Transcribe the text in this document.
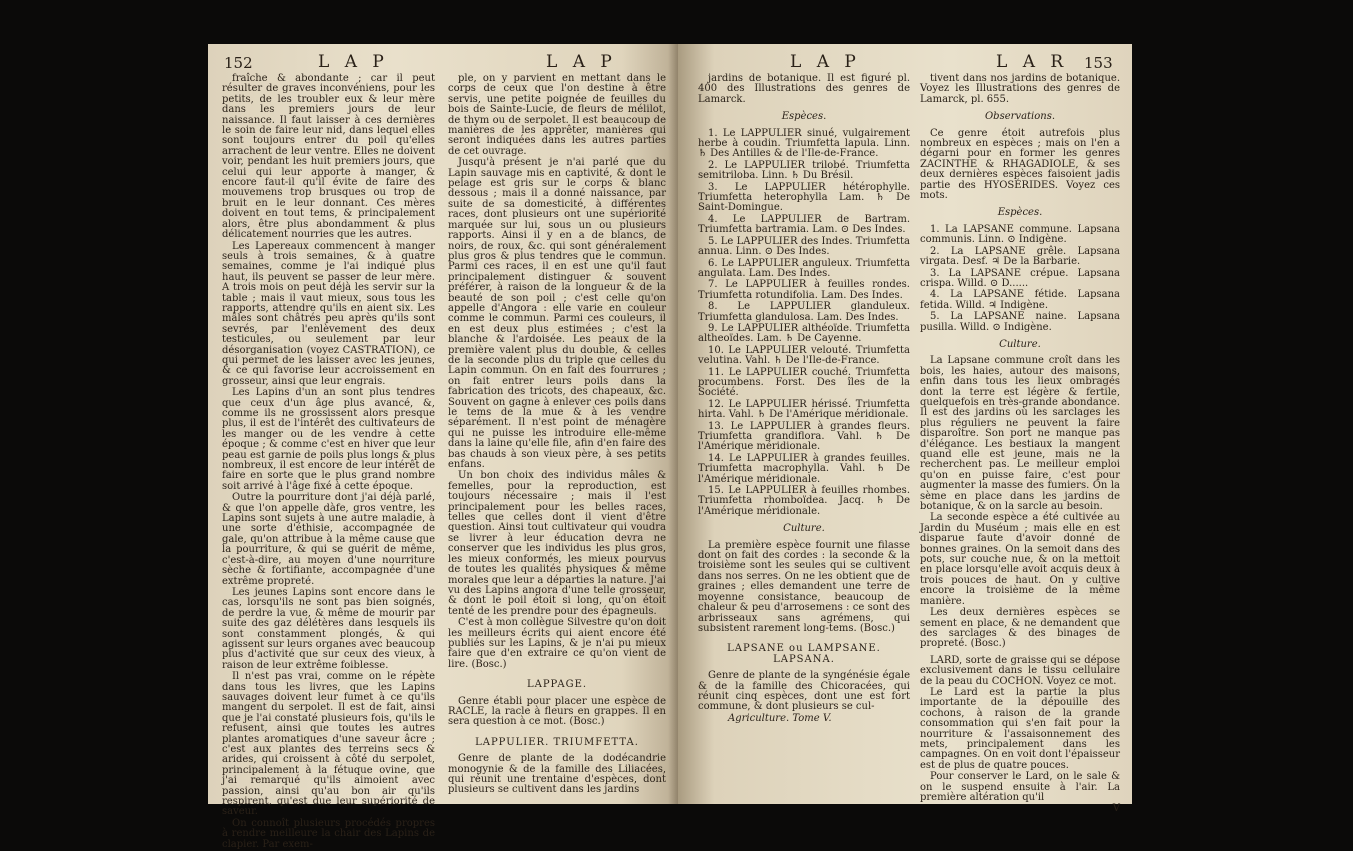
152	L A P	L A P

fraîche & abondante ; car il peut résulter de graves inconvéniens, pour les petits, de les troubler eux & leur mère dans les premiers jours de leur naissance. Il faut laisser à ces dernières le soin de faire leur nid, dans lequel elles sont toujours entrer du poil qu'elles arrachent de leur ventre. Elles ne doivent voir, pendant les huit premiers jours, que celui qui leur apporte à manger, & encore faut-il qu'il évite de faire des mouvemens trop brusques ou trop de bruit en le leur donnant. Ces mères doivent en tout tems, & principalement alors, être plus abondamment & plus délicatement nourries que les autres.

Les Lapereaux commencent à manger seuls à trois semaines, & à quatre semaines, comme je l'ai indiqué plus haut, ils peuvent se passer de leur mère. A trois mois on peut déjà les servir sur la table ; mais il vaut mieux, sous tous les rapports, attendre qu'ils en aient six. Les mâles sont châtrés peu après qu'ils sont sevrés, par l'enlèvement des deux testicules, ou seulement par leur désorganisation (voyez CASTRATION), ce qui permet de les laisser avec les jeunes, & ce qui favorise leur accroissement en grosseur, ainsi que leur engrais.

Les Lapins d'un an sont plus tendres que ceux d'un âge plus avancé, &, comme ils ne grossissent alors presque plus, il est de l'intérêt des cultivateurs de les manger ou de les vendre à cette époque ; & comme c'est en hiver que leur peau est garnie de poils plus longs & plus nombreux, il est encore de leur intérêt de faire en sorte que le plus grand nombre soit arrivé à l'âge fixé à cette époque.

Outre la pourriture dont j'ai déjà parlé, & que l'on appelle dàfe, gros ventre, les Lapins sont sujets à une autre maladie, à une sorte d'éthisie, accompagnée de gale, qu'on attribue à la même cause que la pourriture, & qui se guérit de même, c'est-à-dire, au moyen d'une nourriture sèche & fortifiante, accompagnée d'une extrême propreté.

Les jeunes Lapins sont encore dans le cas, lorsqu'ils ne sont pas bien soignés, de perdre la vue, & même de mourir par suite des gaz délétères dans lesquels ils sont constamment plongés, & qui agissent sur leurs organes avec beaucoup plus d'activité que sur ceux des vieux, à raison de leur extrême foiblesse.

Il n'est pas vrai, comme on le répète dans tous les livres, que les Lapins sauvages doivent leur fumet à ce qu'ils mangent du serpolet. Il est de fait, ainsi que je l'ai constaté plusieurs fois, qu'ils le refusent, ainsi que toutes les autres plantes aromatiques d'une saveur âcre ; c'est aux plantes des terreins secs & arides, qui croissent à côté du serpolet, principalement à la fétuque ovine, que j'ai remarqué qu'ils aimoient avec passion, ainsi qu'au bon air qu'ils respirent, qu'est due leur supériorité de saveur.

On connoît plusieurs procédés propres à rendre meilleure la chair des Lapins de clapier. Par exem-

ple, on y parvient en mettant dans le corps de ceux que l'on destine à être servis, une petite poignée de feuilles du bois de Sainte-Lucie, de fleurs de mélilot, de thym ou de serpolet. Il est beaucoup de manières de les apprêter, manières qui seront indiquées dans les autres parties de cet ouvrage.

Jusqu'à présent je n'ai parlé que du Lapin sauvage mis en captivité, & dont le pelage est gris sur le corps & blanc dessous ; mais il a donné naissance, par suite de sa domesticité, à différentes races, dont plusieurs ont une supériorité marquée sur lui, sous un ou plusieurs rapports. Ainsi il y en a de blancs, de noirs, de roux, &c. qui sont généralement plus gros & plus tendres que le commun. Parmi ces races, il en est une qu'il faut principalement distinguer & souvent préférer, à raison de la longueur & de la beauté de son poil ; c'est celle qu'on appelle d'Angora : elle varie en couleur comme le commun. Parmi ces couleurs, il en est deux plus estimées ; c'est la blanche & l'ardoisée. Les peaux de la première valent plus du double, & celles de la seconde plus du triple que celles du Lapin commun. On en fait des fourrures ; on fait entrer leurs poils dans la fabrication des tricots, des chapeaux, &c. Souvent on gagne à enlever ces poils dans le tems de la mue & à les vendre séparément. Il n'est point de ménagère qui ne puisse les introduire elle-même dans la laine qu'elle file, afin d'en faire des bas chauds à son vieux père, à ses petits enfans.

Un bon choix des individus mâles & femelles, pour la reproduction, est toujours nécessaire ; mais il l'est principalement pour les belles races, telles que celles dont il vient d'être question. Ainsi tout cultivateur qui voudra se livrer à leur éducation devra ne conserver que les individus les plus gros, les mieux conformés, les mieux pourvus de toutes les qualités physiques & même morales que leur a départies la nature. J'ai vu des Lapins angora d'une telle grosseur, & dont le poil étoit si long, qu'on étoit tenté de les prendre pour des épagneuls.

C'est à mon collègue Silvestre qu'on doit les meilleurs écrits qui aient encore été publiés sur les Lapins, & je n'ai pu mieux faire que d'en extraire ce qu'on vient de lire. (Bosc.)

LAPPAGE.

Genre établi pour placer une espèce de RACLE, la racle à fleurs en grappes. Il en sera question à ce mot. (Bosc.)

LAPPULIER. TRIUMFETTA.

Genre de plante de la dodécandrie monogynie & de la famille des Liliacées, qui réunit une trentaine d'espèces, dont plusieurs se cultivent dans les jardins

L A P	L A R 153

jardins de botanique. Il est figuré pl. 400 des Illustrations des genres de Lamarck.

Espèces.

1. Le LAPPULIER sinué, vulgairement herbe à coudin. Triumfetta lapula. Linn. ♄ Des Antilles & de l'Ile-de-France.

2. Le LAPPULIER trilobé. Triumfetta semitriloba. Linn. ♄ Du Brésil.

3. Le LAPPULIER hétérophylle. Triumfetta heterophylla Lam. ♄ De Saint-Domingue.

4. Le LAPPULIER de Bartram. Triumfetta bartramia. Lam. ⊙ Des Indes.

5. Le LAPPULIER des Indes. Triumfetta annua. Linn. ⊙ Des Indes.

6. Le LAPPULIER anguleux. Triumfetta angulata. Lam. Des Indes.

7. Le LAPPULIER à feuilles rondes. Triumfetta rotundifolia. Lam. Des Indes.

8. Le LAPPULIER glanduleux. Triumfetta glandulosa. Lam. Des Indes.

9. Le LAPPULIER althéoïde. Triumfetta altheoïdes. Lam. ♄ De Cayenne.

10. Le LAPPULIER velouté. Triumfetta velutina. Vahl. ♄ De l'Ile-de-France.

11. Le LAPPULIER couché. Triumfetta procumbens. Forst. Des îles de la Société.

12. Le LAPPULIER hérissé. Triumfetta hirta. Vahl. ♄ De l'Amérique méridionale.

13. Le LAPPULIER à grandes fleurs. Triumfetta grandiflora. Vahl. ♄ De l'Amérique méridionale.

14. Le LAPPULIER à grandes feuilles. Triumfetta macrophylla. Vahl. ♄ De l'Amérique méridionale.

15. Le LAPPULIER à feuilles rhombes. Triumfetta rhomboïdea. Jacq. ♄ De l'Amérique méridionale.

Culture.

La première espèce fournit une filasse dont on fait des cordes : la seconde & la troisième sont les seules qui se cultivent dans nos serres. On ne les obtient que de graines ; elles demandent une terre de moyenne consistance, beaucoup de chaleur & peu d'arrosemens : ce sont des arbrisseaux sans agrémens, qui subsistent rarement long-tems. (Bosc.)

LAPSANE ou LAMPSANE. LAPSANA.

Genre de plante de la syngénésie égale & de la famille des Chicoracées, qui réunit cinq espèces, dont une est fort commune, & dont plusieurs se cul-

Agriculture. Tome V.

tivent dans nos jardins de botanique. Voyez les Illustrations des genres de Lamarck, pl. 655.

Observations.

Ce genre étoit autrefois plus nombreux en espèces ; mais on l'en a dégarni pour en former les genres ZACINTHE & RHAGADIOLE, & ses deux dernières espèces faisoient jadis partie des HYOSÉRIDES. Voyez ces mots.

Espèces.

1. La LAPSANE commune. Lapsana communis. Linn. ⊙ Indigène.

2. La LAPSANE grêle. Lapsana virgata. Desf. ♃ De la Barbarie.

3. La LAPSANE crépue. Lapsana crispa. Willd. ⊙ D......

4. La LAPSANE fétide. Lapsana fetida. Willd. ♃ Indigène.

5. La LAPSANE naine. Lapsana pusilla. Willd. ⊙ Indigène.

Culture.

La Lapsane commune croît dans les bois, les haies, autour des maisons, enfin dans tous les lieux ombragés dont la terre est légère & fertile, quelquefois en très-grande abondance. Il est des jardins où les sarclages les plus réguliers ne peuvent la faire disparoître. Son port ne manque pas d'élégance. Les bestiaux la mangent quand elle est jeune, mais ne la recherchent pas. Le meilleur emploi qu'on en puisse faire, c'est pour augmenter la masse des fumiers. On la sème en place dans les jardins de botanique, & on la sarcle au besoin.

La seconde espèce a été cultivée au Jardin du Muséum ; mais elle en est disparue faute d'avoir donné de bonnes graines. On la semoit dans des pots, sur couche nue, & on la mettoit en place lorsqu'elle avoit acquis deux à trois pouces de haut. On y cultive encore la troisième de la même manière.

Les deux dernières espèces se sement en place, & ne demandent que des sarclages & des binages de propreté. (Bosc.)

LARD, sorte de graisse qui se dépose exclusivement dans le tissu cellulaire de la peau du COCHON. Voyez ce mot.

Le Lard est la partie la plus importante de la dépouille des cochons, à raison de la grande consommation qui s'en fait pour la nourriture & l'assaisonnement des mets, principalement dans les campagnes. On en voit dont l'épaisseur est de plus de quatre pouces.

Pour conserver le Lard, on le sale & on le suspend ensuite à l'air. La première altération qu'il

V
